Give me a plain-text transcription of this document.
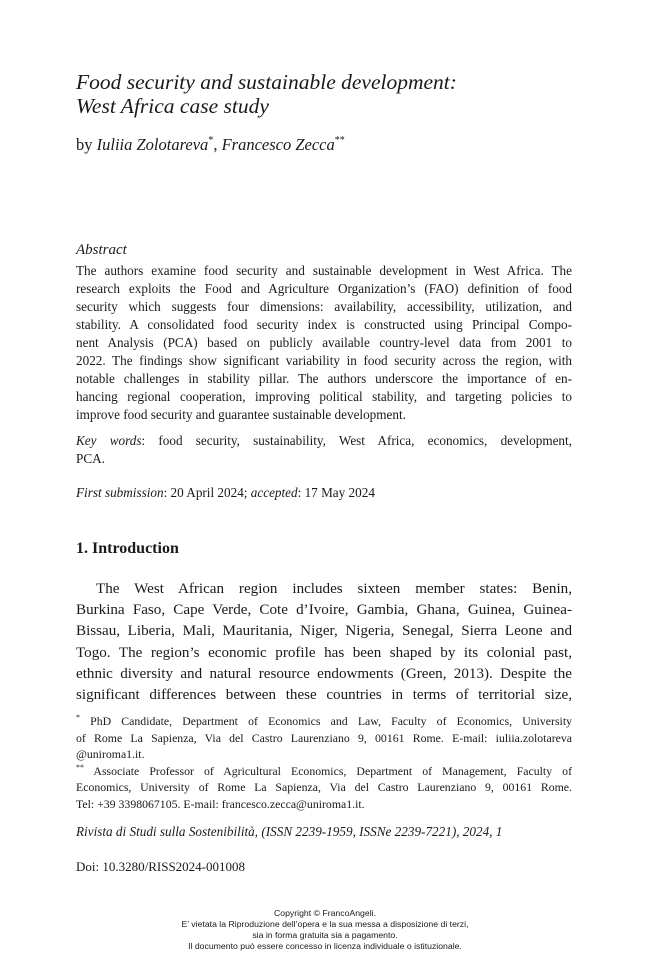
Food security and sustainable development:
West Africa case study
by Iuliia Zolotareva*, Francesco Zecca**
Abstract
The authors examine food security and sustainable development in West Africa. The
research exploits the Food and Agriculture Organization’s (FAO) definition of food
security which suggests four dimensions: availability, accessibility, utilization, and
stability. A consolidated food security index is constructed using Principal Compo-
nent Analysis (PCA) based on publicly available country-level data from 2001 to
2022. The findings show significant variability in food security across the region, with
notable challenges in stability pillar. The authors underscore the importance of en-
hancing regional cooperation, improving political stability, and targeting policies to
improve food security and guarantee sustainable development.
Key words: food security, sustainability, West Africa, economics, development,
PCA.
First submission: 20 April 2024; accepted: 17 May 2024
1. Introduction
The West African region includes sixteen member states: Benin,
Burkina Faso, Cape Verde, Cote d’Ivoire, Gambia, Ghana, Guinea, Guinea-
Bissau, Liberia, Mali, Mauritania, Niger, Nigeria, Senegal, Sierra Leone and
Togo. The region’s economic profile has been shaped by its colonial past,
ethnic diversity and natural resource endowments (Green, 2013). Despite the
significant differences between these countries in terms of territorial size,
* PhD Candidate, Department of Economics and Law, Faculty of Economics, University
of Rome La Sapienza, Via del Castro Laurenziano 9, 00161 Rome. E-mail: iuliia.zolotareva
@uniroma1.it.
** Associate Professor of Agricultural Economics, Department of Management, Faculty of
Economics, University of Rome La Sapienza, Via del Castro Laurenziano 9, 00161 Rome.
Tel: +39 3398067105. E-mail: francesco.zecca@uniroma1.it.
Rivista di Studi sulla Sostenibilità, (ISSN 2239-1959, ISSNe 2239-7221), 2024, 1
Doi: 10.3280/RISS2024-001008
Copyright © FrancoAngeli.
E’ vietata la Riproduzione dell’opera e la sua messa a disposizione di terzi,
sia in forma gratuita sia a pagamento.
Il documento può essere concesso in licenza individuale o istituzionale.
